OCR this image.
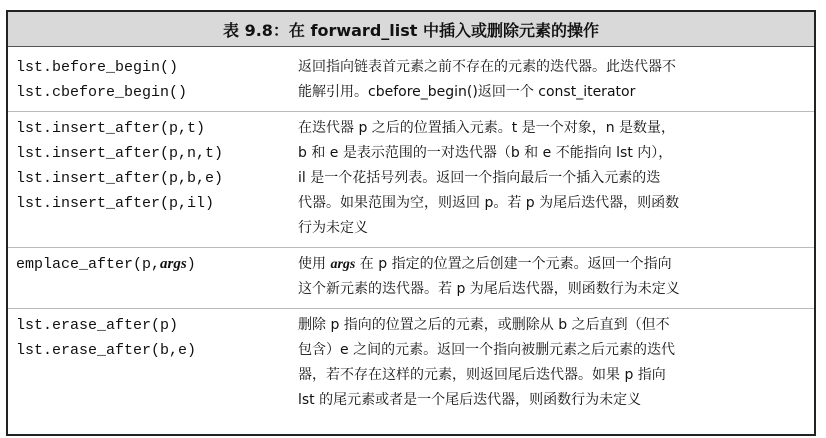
表 9.8：在 forward_list 中插入或删除元素的操作
lst.before_begin()
lst.cbefore_begin()
返回指向链表首元素之前不存在的元素的迭代器。此迭代器不
能解引用。cbefore_begin()返回一个 const_iterator
lst.insert_after(p,t)
lst.insert_after(p,n,t)
lst.insert_after(p,b,e)
lst.insert_after(p,il)
在迭代器 p 之后的位置插入元素。t 是一个对象，n 是数量，
b 和 e 是表示范围的一对迭代器（b 和 e 不能指向 lst 内），
il 是一个花括号列表。返回一个指向最后一个插入元素的迭
代器。如果范围为空，则返回 p。若 p 为尾后迭代器，则函数
行为未定义
emplace_after(p,args)	使用 args 在 p 指定的位置之后创建一个元素。返回一个指向
这个新元素的迭代器。若 p 为尾后迭代器，则函数行为未定义
lst.erase_after(p)
lst.erase_after(b,e)
删除 p 指向的位置之后的元素，或删除从 b 之后直到（但不
包含）e 之间的元素。返回一个指向被删元素之后元素的迭代
器，若不存在这样的元素，则返回尾后迭代器。如果 p 指向
lst 的尾元素或者是一个尾后迭代器，则函数行为未定义
